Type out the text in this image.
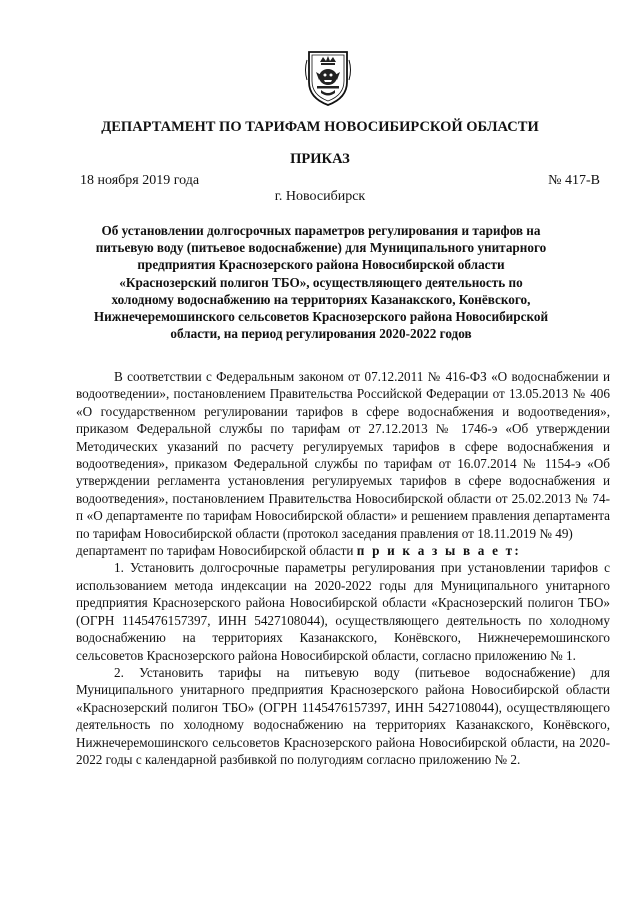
ДЕПАРТАМЕНТ ПО ТАРИФАМ НОВОСИБИРСКОЙ ОБЛАСТИ
ПРИКАЗ
18 ноября 2019 года	№ 417-В
г. Новосибирск
Об установлении долгосрочных параметров регулирования и тарифов на
питьевую воду (питьевое водоснабжение) для Муниципального унитарного
предприятия Краснозерского района Новосибирской области
«Краснозерский полигон ТБО», осуществляющего деятельность по
холодному водоснабжению на территориях Казанакского, Конёвского,
Нижнечеремошинского сельсоветов Краснозерского района Новосибирской
области, на период регулирования 2020-2022 годов

В соответствии с Федеральным законом от 07.12.2011 № 416-ФЗ «О водоснабжении и водоотведении», постановлением Правительства Российской Федерации от 13.05.2013 № 406 «О государственном регулировании тарифов в сфере водоснабжения и водоотведения», приказом Федеральной службы по тарифам от 27.12.2013 № 1746-э «Об утверждении Методических указаний по расчету регулируемых тарифов в сфере водоснабжения и водоотведения», приказом Федеральной службы по тарифам от 16.07.2014 № 1154-э «Об утверждении регламента установления регулируемых тарифов в сфере водоснабжения и водоотведения», постановлением Правительства Новосибирской области от 25.02.2013 № 74-п «О департаменте по тарифам Новосибирской области» и решением правления департамента по тарифам Новосибирской области (протокол заседания правления от 18.11.2019 № 49)

департамент по тарифам Новосибирской области п р и к а з ы в а е т:

1. Установить долгосрочные параметры регулирования при установлении тарифов с использованием метода индексации на 2020-2022 годы для Муниципального унитарного предприятия Краснозерского района Новосибирской области «Краснозерский полигон ТБО» (ОГРН 1145476157397, ИНН 5427108044), осуществляющего деятельность по холодному водоснабжению на территориях Казанакского, Конёвского, Нижнечеремошинского сельсоветов Краснозерского района Новосибирской области, согласно приложению № 1.

2. Установить тарифы на питьевую воду (питьевое водоснабжение) для Муниципального унитарного предприятия Краснозерского района Новосибирской области «Краснозерский полигон ТБО» (ОГРН 1145476157397, ИНН 5427108044), осуществляющего деятельность по холодному водоснабжению на территориях Казанакского, Конёвского, Нижнечеремошинского сельсоветов Краснозерского района Новосибирской области, на 2020-2022 годы с календарной разбивкой по полугодиям согласно приложению № 2.
